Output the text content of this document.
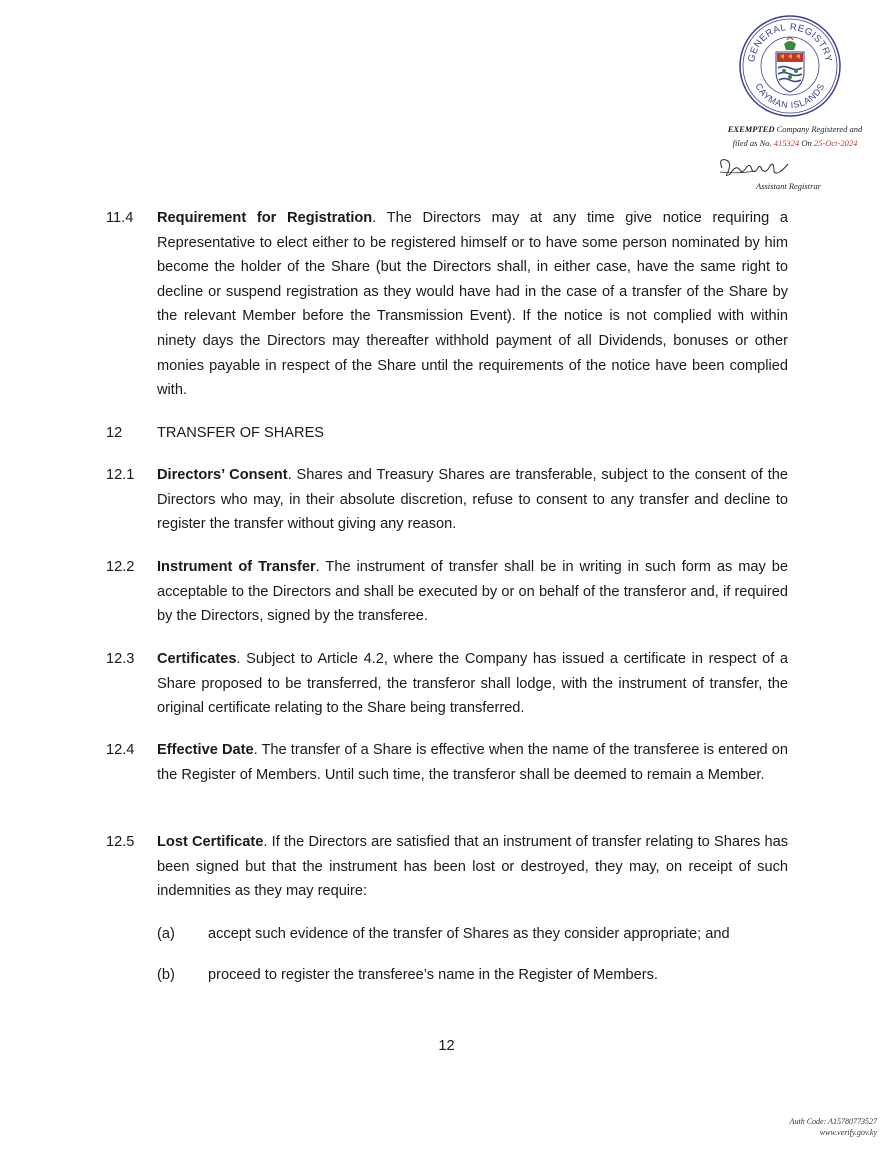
GENERAL REGISTRY
CAYMAN ISLANDS
EXEMPTED Company Registered and
filed as No. 415324 On 25-Oct-2024
Assistant Registrar
11.4 Requirement for Registration. The Directors may at any time give notice requiring a Representative to elect either to be registered himself or to have some person nominated by him become the holder of the Share (but the Directors shall, in either case, have the same right to decline or suspend registration as they would have had in the case of a transfer of the Share by the relevant Member before the Transmission Event). If the notice is not complied with within ninety days the Directors may thereafter withhold payment of all Dividends, bonuses or other monies payable in respect of the Share until the requirements of the notice have been complied with.
12 TRANSFER OF SHARES
12.1 Directors’ Consent. Shares and Treasury Shares are transferable, subject to the consent of the Directors who may, in their absolute discretion, refuse to consent to any transfer and decline to register the transfer without giving any reason.
12.2 Instrument of Transfer. The instrument of transfer shall be in writing in such form as may be acceptable to the Directors and shall be executed by or on behalf of the transferor and, if required by the Directors, signed by the transferee.
12.3 Certificates. Subject to Article 4.2, where the Company has issued a certificate in respect of a Share proposed to be transferred, the transferor shall lodge, with the instrument of transfer, the original certificate relating to the Share being transferred.
12.4 Effective Date. The transfer of a Share is effective when the name of the transferee is entered on the Register of Members. Until such time, the transferor shall be deemed to remain a Member.
12.5 Lost Certificate. If the Directors are satisfied that an instrument of transfer relating to Shares has been signed but that the instrument has been lost or destroyed, they may, on receipt of such indemnities as they may require:
(a) accept such evidence of the transfer of Shares as they consider appropriate; and
(b) proceed to register the transferee’s name in the Register of Members.
12
Auth Code: A15780773527
www.verify.gov.ky
